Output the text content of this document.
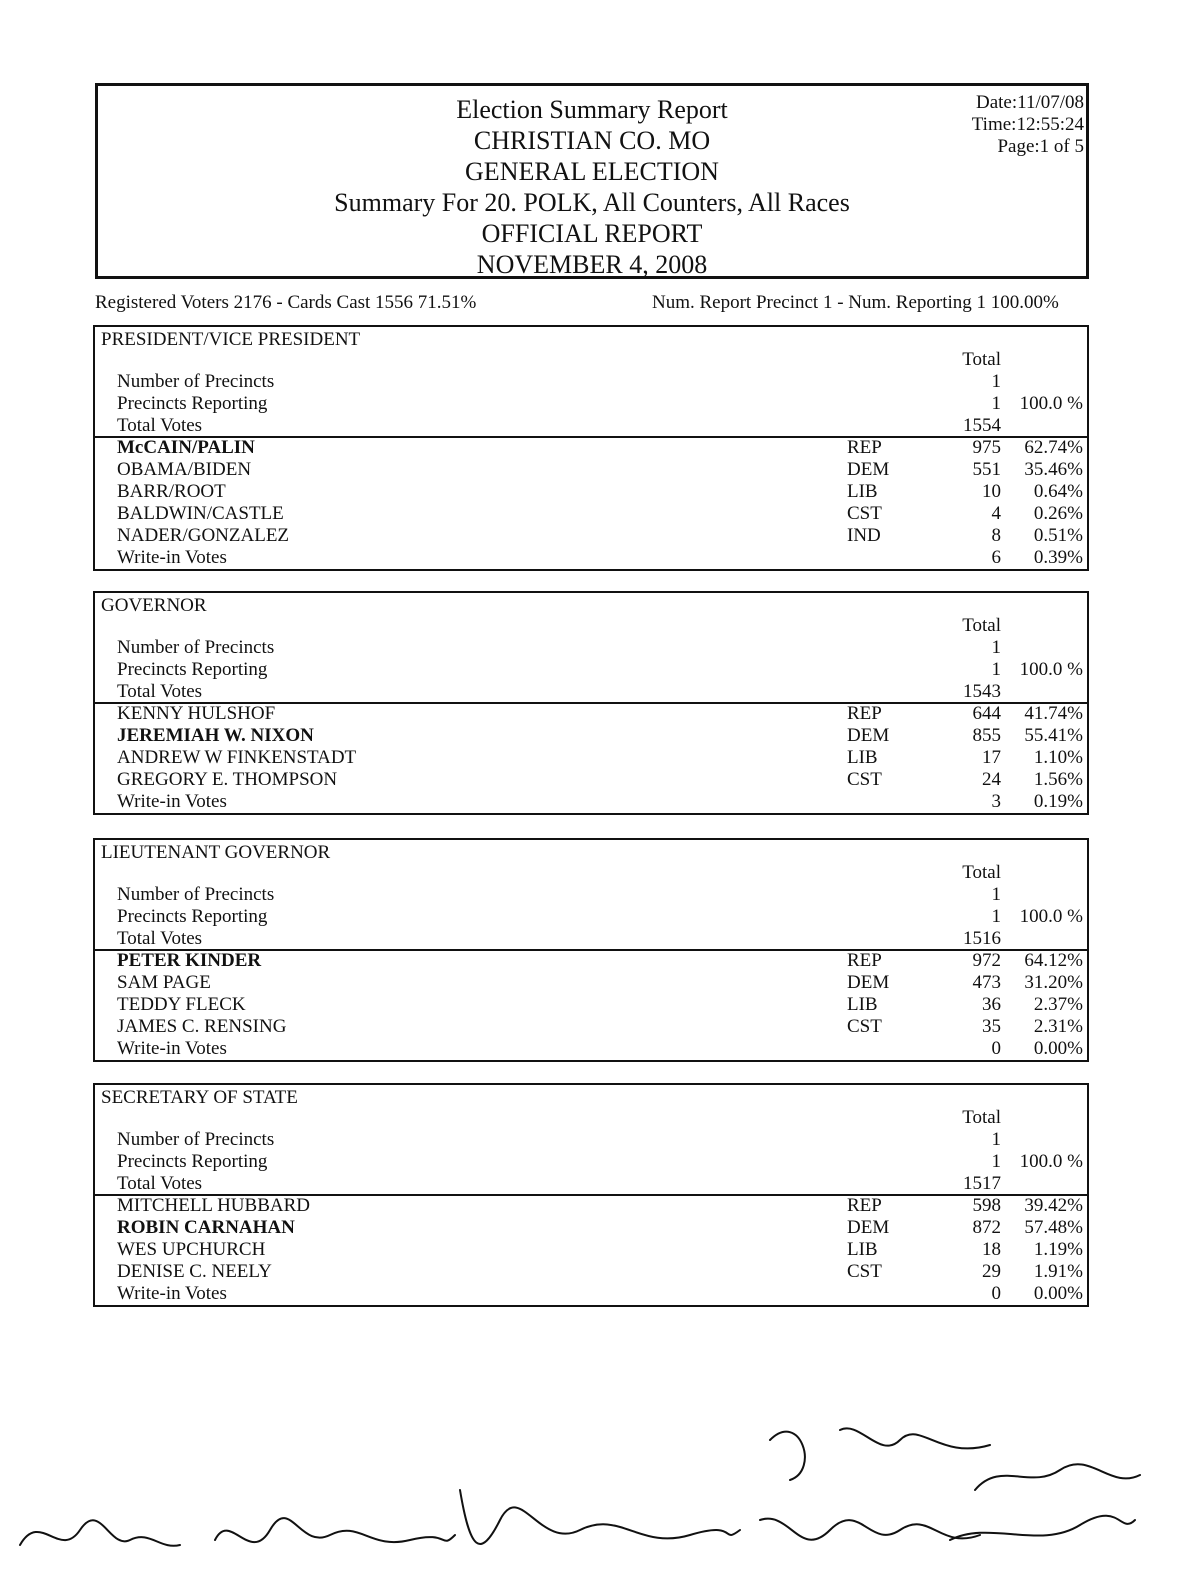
Election Summary Report
CHRISTIAN CO. MO
GENERAL ELECTION
Summary For 20. POLK, All Counters, All Races
OFFICIAL REPORT
NOVEMBER 4, 2008
Date:11/07/08
Time:12:55:24
Page:1 of 5
Registered Voters 2176 - Cards Cast 1556 71.51%	Num. Report Precinct 1 - Num. Reporting 1 100.00%
PRESIDENT/VICE PRESIDENT
Total
Number of Precincts	1
Precincts Reporting	1 100.0 %
Total Votes	1554
McCAIN/PALIN	REP	975 62.74%
OBAMA/BIDEN	DEM	551 35.46%
BARR/ROOT	LIB	10 0.64%
BALDWIN/CASTLE	CST	4 0.26%
NADER/GONZALEZ	IND	8 0.51%
Write-in Votes	6 0.39%
GOVERNOR
Total
Number of Precincts	1
Precincts Reporting	1 100.0 %
Total Votes	1543
KENNY HULSHOF	REP	644 41.74%
JEREMIAH W. NIXON	DEM	855 55.41%
ANDREW W FINKENSTADT	LIB	17 1.10%
GREGORY E. THOMPSON	CST	24 1.56%
Write-in Votes	3 0.19%
LIEUTENANT GOVERNOR
Total
Number of Precincts	1
Precincts Reporting	1 100.0 %
Total Votes	1516
PETER KINDER	REP	972 64.12%
SAM PAGE	DEM	473 31.20%
TEDDY FLECK	LIB	36 2.37%
JAMES C. RENSING	CST	35 2.31%
Write-in Votes	0 0.00%
SECRETARY OF STATE
Total
Number of Precincts	1
Precincts Reporting	1 100.0 %
Total Votes	1517
MITCHELL HUBBARD	REP	598 39.42%
ROBIN CARNAHAN	DEM	872 57.48%
WES UPCHURCH	LIB	18 1.19%
DENISE C. NEELY	CST	29 1.91%
Write-in Votes	0 0.00%
